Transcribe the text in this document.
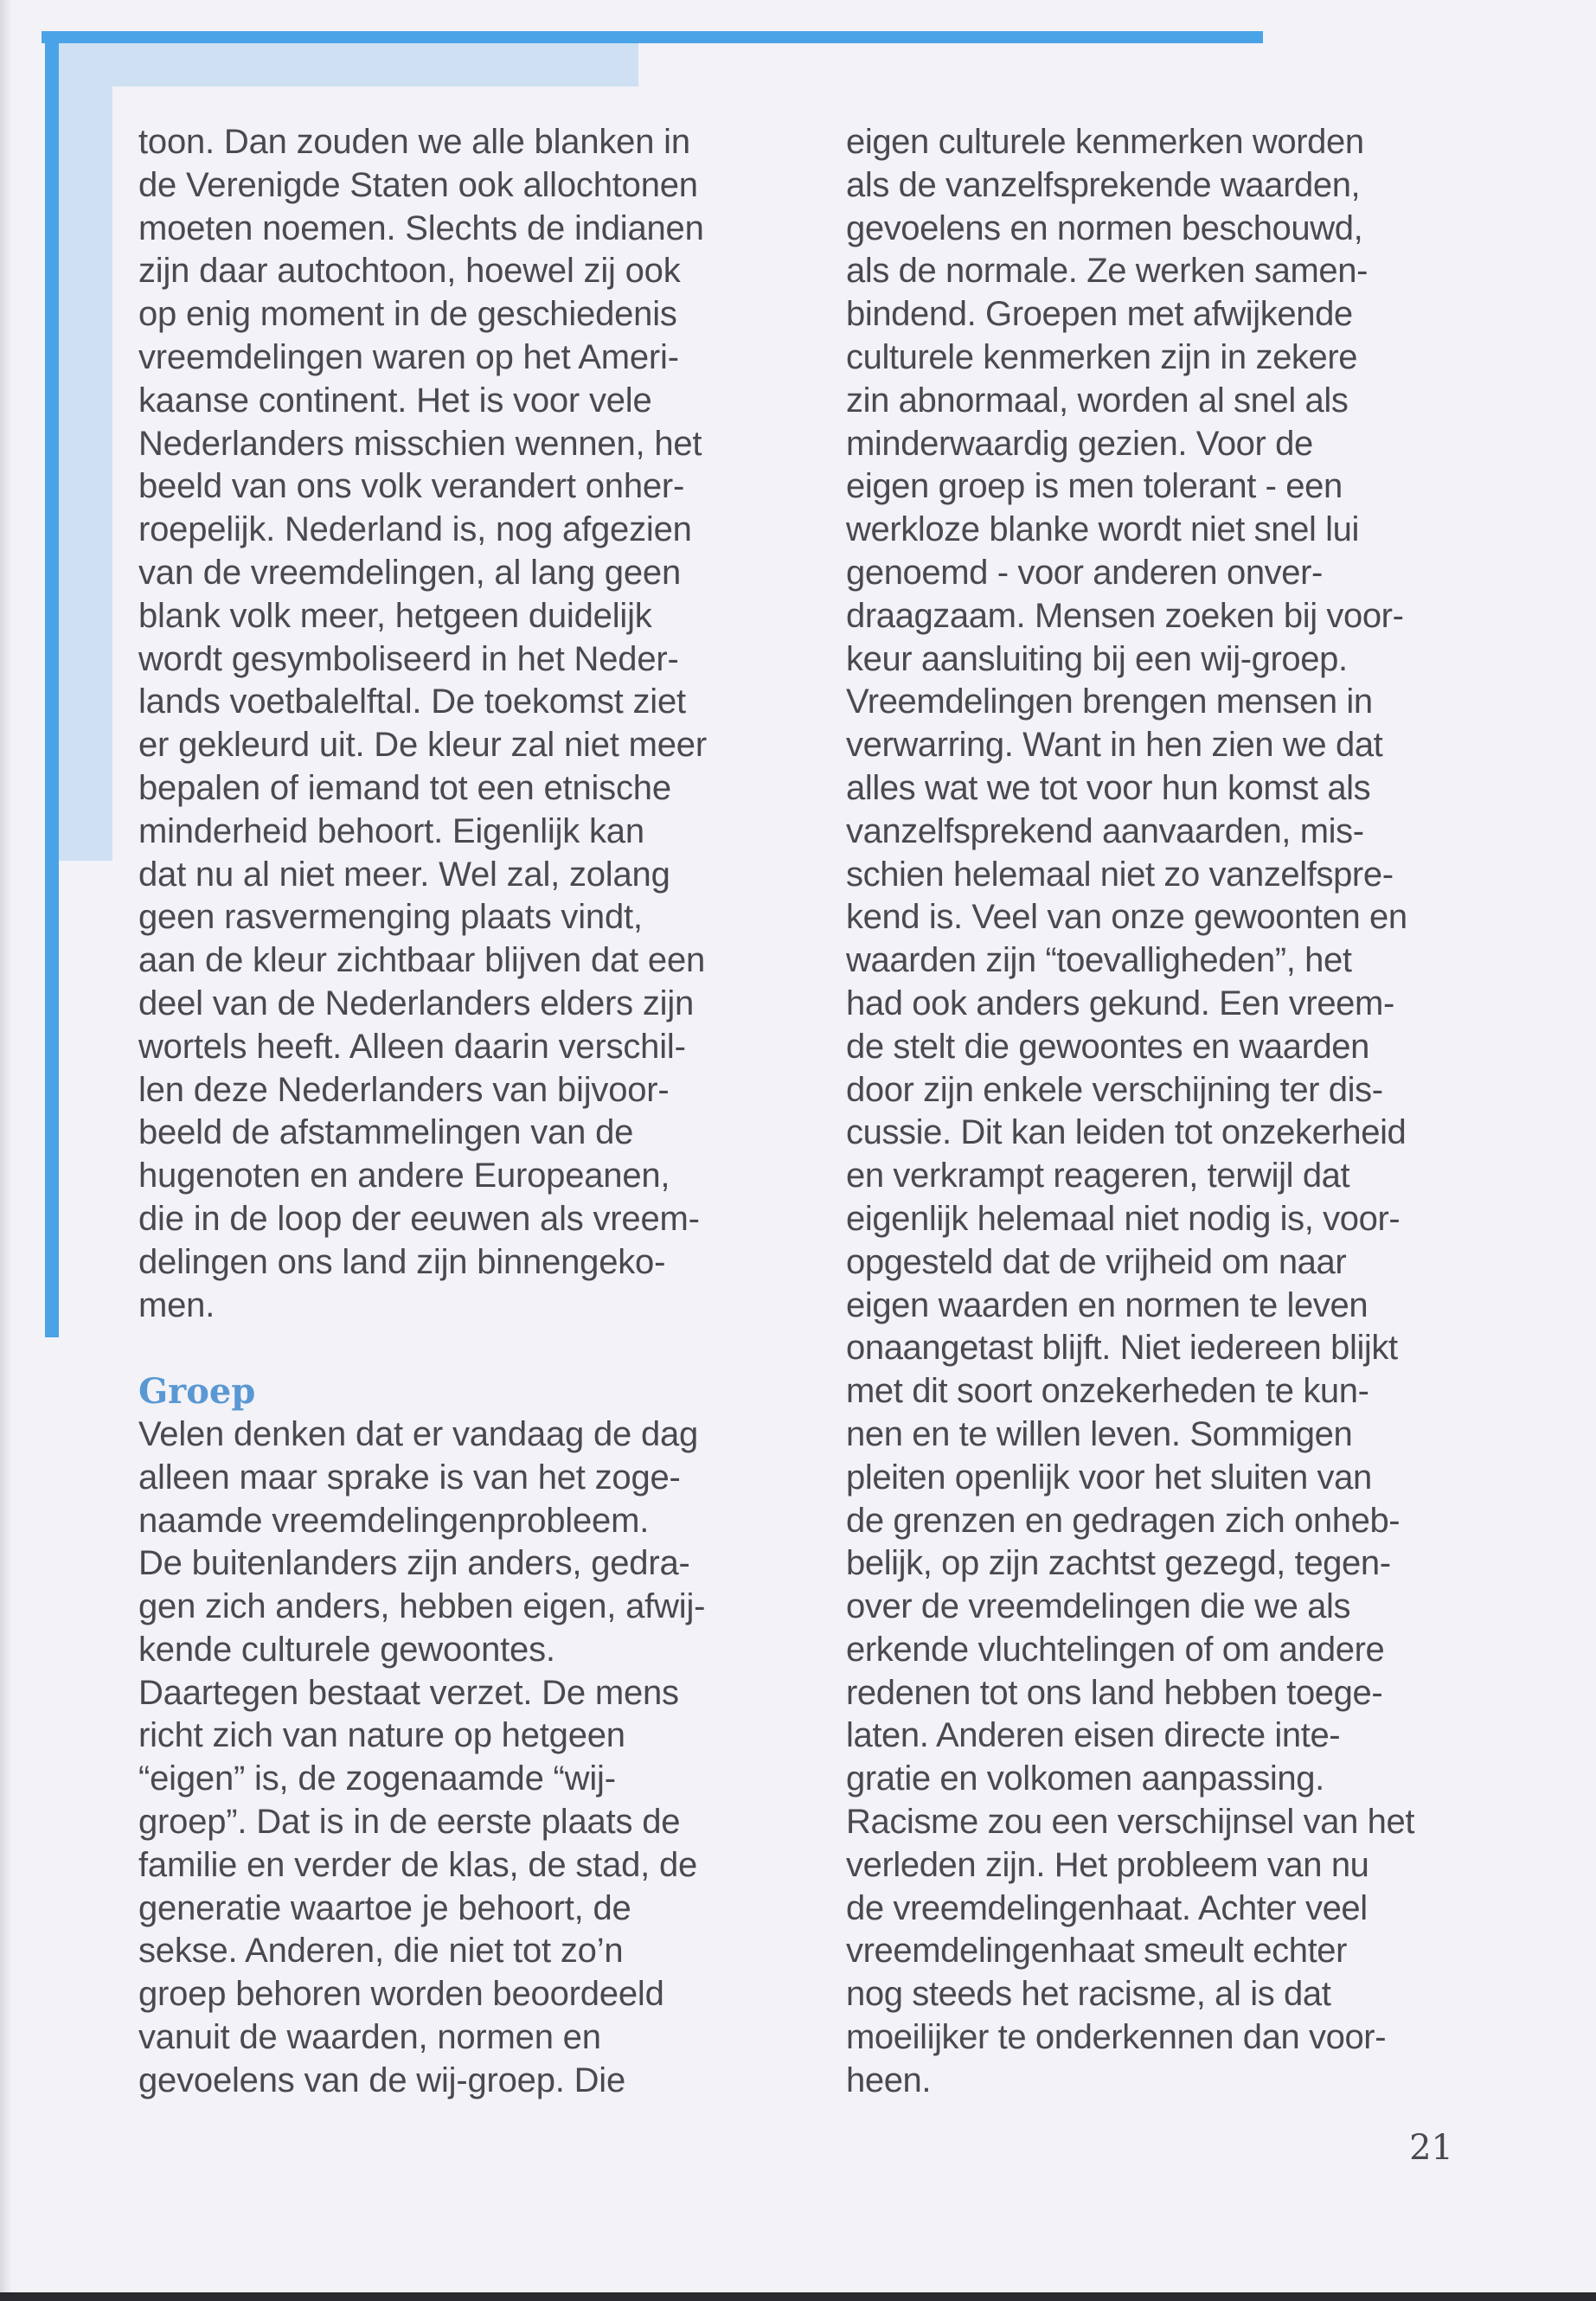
toon. Dan zouden we alle blanken in
de Verenigde Staten ook allochtonen
moeten noemen. Slechts de indianen
zijn daar autochtoon, hoewel zij ook
op enig moment in de geschiedenis
vreemdelingen waren op het Ameri-
kaanse continent. Het is voor vele
Nederlanders misschien wennen, het
beeld van ons volk verandert onher-
roepelijk. Nederland is, nog afgezien
van de vreemdelingen, al lang geen
blank volk meer, hetgeen duidelijk
wordt gesymboliseerd in het Neder-
lands voetbalelftal. De toekomst ziet
er gekleurd uit. De kleur zal niet meer
bepalen of iemand tot een etnische
minderheid behoort. Eigenlijk kan
dat nu al niet meer. Wel zal, zolang
geen rasvermenging plaats vindt,
aan de kleur zichtbaar blijven dat een
deel van de Nederlanders elders zijn
wortels heeft. Alleen daarin verschil-
len deze Nederlanders van bijvoor-
beeld de afstammelingen van de
hugenoten en andere Europeanen,
die in de loop der eeuwen als vreem-
delingen ons land zijn binnengeko-
men.
Groep
Velen denken dat er vandaag de dag
alleen maar sprake is van het zoge-
naamde vreemdelingenprobleem.
De buitenlanders zijn anders, gedra-
gen zich anders, hebben eigen, afwij-
kende culturele gewoontes.
Daartegen bestaat verzet. De mens
richt zich van nature op hetgeen
“eigen” is, de zogenaamde “wij-
groep”. Dat is in de eerste plaats de
familie en verder de klas, de stad, de
generatie waartoe je behoort, de
sekse. Anderen, die niet tot zo’n
groep behoren worden beoordeeld
vanuit de waarden, normen en
gevoelens van de wij-groep. Die
eigen culturele kenmerken worden
als de vanzelfsprekende waarden,
gevoelens en normen beschouwd,
als de normale. Ze werken samen-
bindend. Groepen met afwijkende
culturele kenmerken zijn in zekere
zin abnormaal, worden al snel als
minderwaardig gezien. Voor de
eigen groep is men tolerant - een
werkloze blanke wordt niet snel lui
genoemd - voor anderen onver-
draagzaam. Mensen zoeken bij voor-
keur aansluiting bij een wij-groep.
Vreemdelingen brengen mensen in
verwarring. Want in hen zien we dat
alles wat we tot voor hun komst als
vanzelfsprekend aanvaarden, mis-
schien helemaal niet zo vanzelfspre-
kend is. Veel van onze gewoonten en
waarden zijn “toevalligheden”, het
had ook anders gekund. Een vreem-
de stelt die gewoontes en waarden
door zijn enkele verschijning ter dis-
cussie. Dit kan leiden tot onzekerheid
en verkrampt reageren, terwijl dat
eigenlijk helemaal niet nodig is, voor-
opgesteld dat de vrijheid om naar
eigen waarden en normen te leven
onaangetast blijft. Niet iedereen blijkt
met dit soort onzekerheden te kun-
nen en te willen leven. Sommigen
pleiten openlijk voor het sluiten van
de grenzen en gedragen zich onheb-
belijk, op zijn zachtst gezegd, tegen-
over de vreemdelingen die we als
erkende vluchtelingen of om andere
redenen tot ons land hebben toege-
laten. Anderen eisen directe inte-
gratie en volkomen aanpassing.
Racisme zou een verschijnsel van het
verleden zijn. Het probleem van nu
de vreemdelingenhaat. Achter veel
vreemdelingenhaat smeult echter
nog steeds het racisme, al is dat
moeilijker te onderkennen dan voor-
heen.
21
